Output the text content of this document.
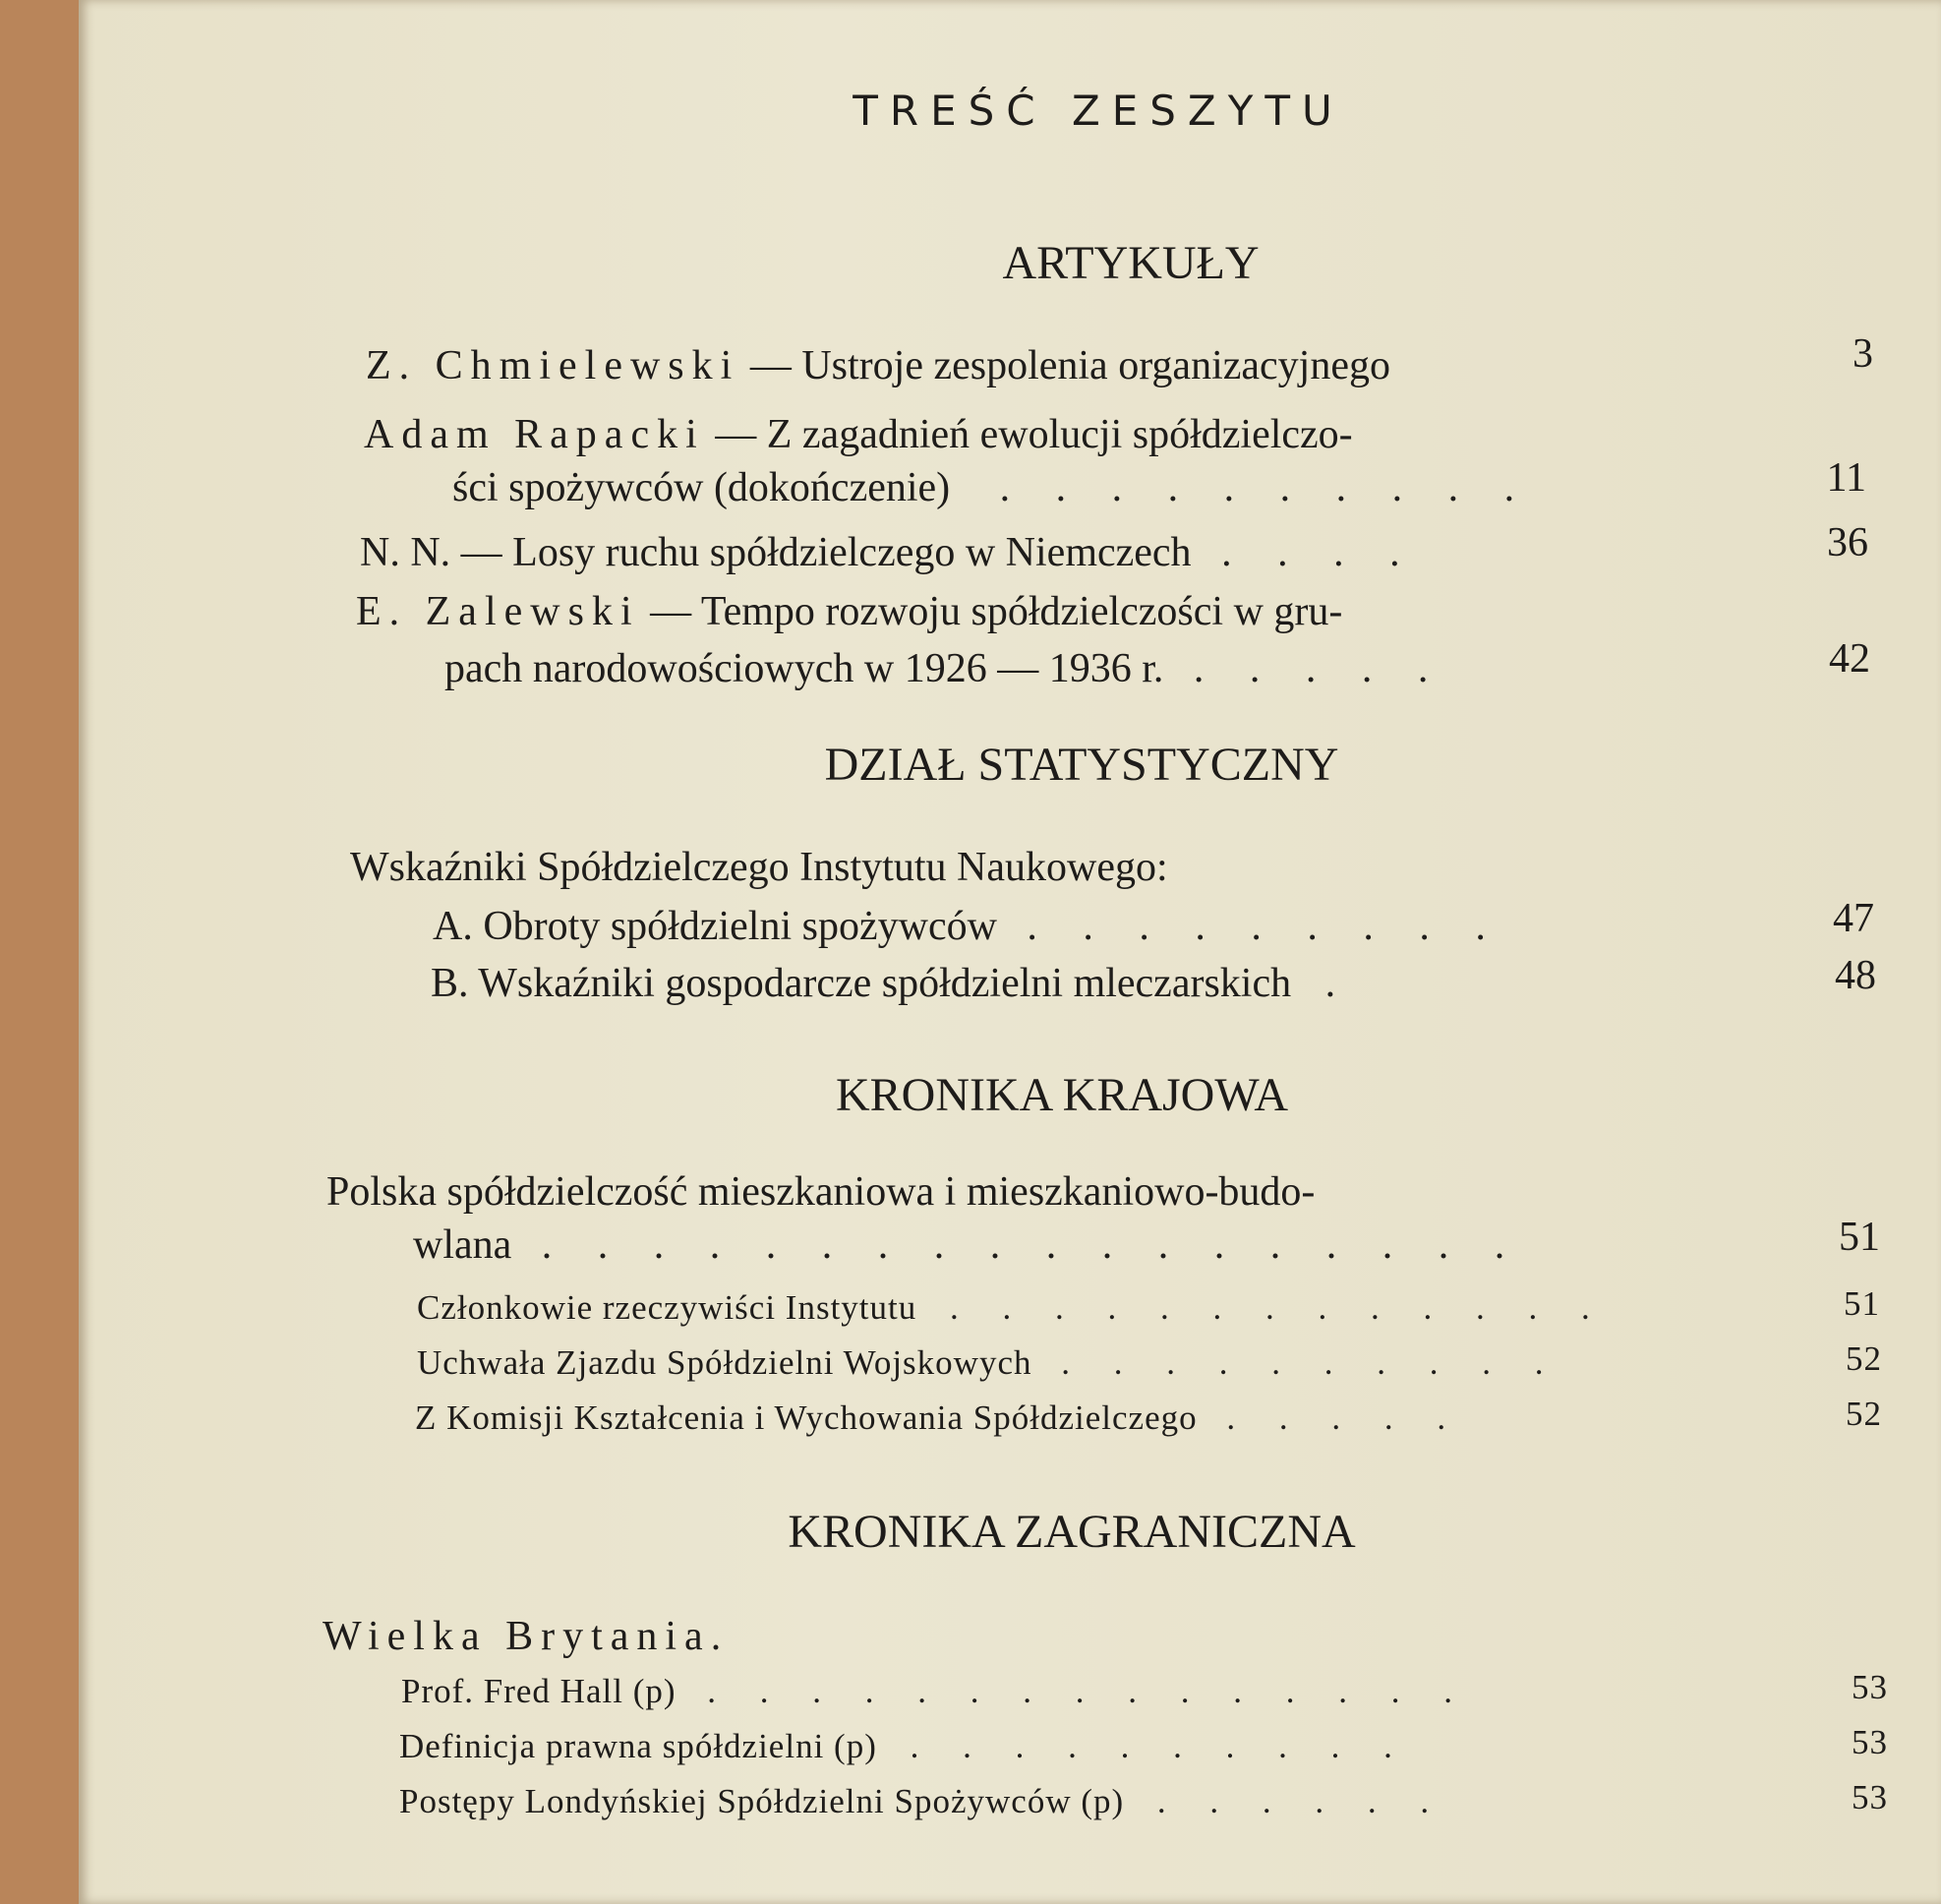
TREŚĆ ZESZYTU
ARTYKUŁY
Z. Chmielewski — Ustroje zespolenia organizacyjnego	3
Adam Rapacki — Z zagadnień ewolucji spółdzielczo-
ści spożywców (dokończenie) . . . . . . . . . .	11
N. N. — Losy ruchu spółdzielczego w Niemczech . . . .	36
E. Zalewski — Tempo rozwoju spółdzielczości w gru-
pach narodowościowych w 1926 — 1936 r. . . . . .	42
DZIAŁ STATYSTYCZNY
Wskaźniki Spółdzielczego Instytutu Naukowego:
A. Obroty spółdzielni spożywców . . . . . . . . .	47
B. Wskaźniki gospodarcze spółdzielni mleczarskich .	48
KRONIKA KRAJOWA
Polska spółdzielczość mieszkaniowa i mieszkaniowo-budo-
wlana . . . . . . . . . . . . . . . . . .	51
Członkowie rzeczywiści Instytutu . . . . . . . . . . . . .	51
Uchwała Zjazdu Spółdzielni Wojskowych . . . . . . . . . .	52
Z Komisji Kształcenia i Wychowania Spółdzielczego . . . . .	52
KRONIKA ZAGRANICZNA
Wielka Brytania.
Prof. Fred Hall (p) . . . . . . . . . . . . . . .	53
Definicja prawna spółdzielni (p) . . . . . . . . . .	53
Postępy Londyńskiej Spółdzielni Spożywców (p) . . . . . .	53
